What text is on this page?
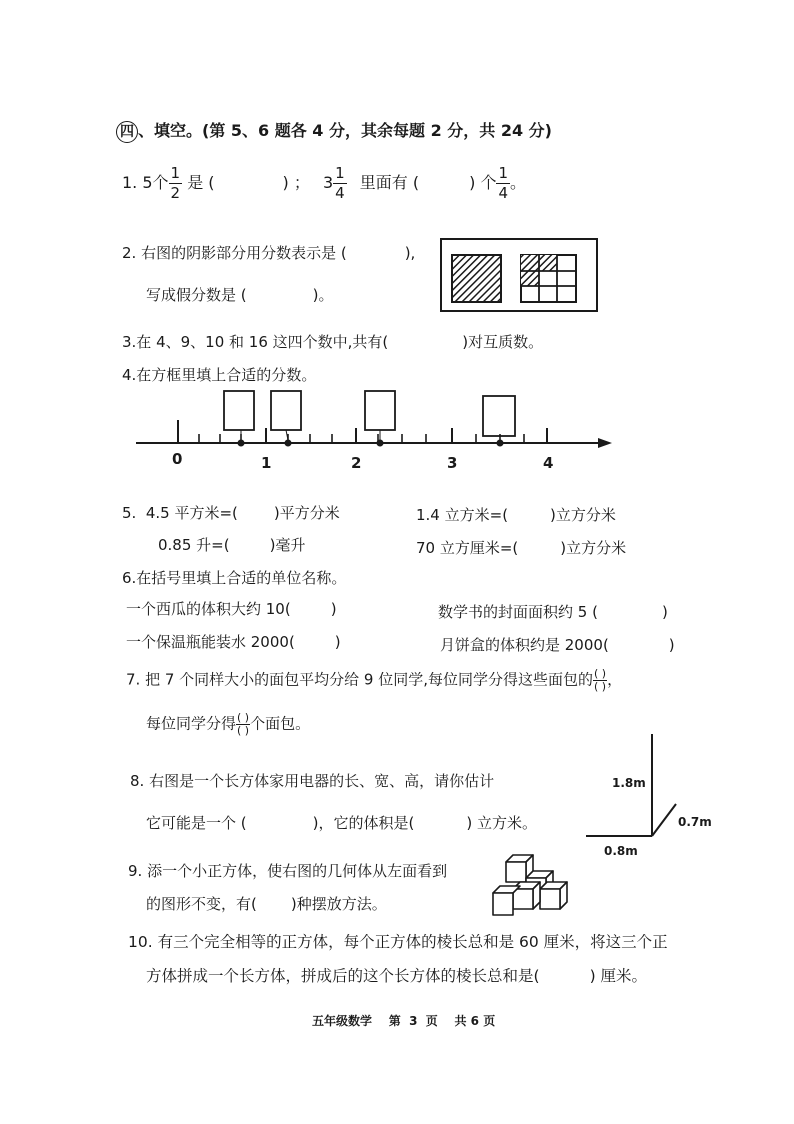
四 、填空。(第 5、6 题各 4 分，其余每题 2 分，共 24 分)
1. 5个 $\frac{1}{2}$ 是 (	) ； $3 \frac{1}{4}$ 里面有 (	) 个 $\frac{1}{4}$ 。
2. 右图的阴影部分用分数表示是 (	),
写成假分数是 (	)。
3.在 4、9、10 和 16 这四个数中,共有(	)对互质数。
4.在方框里填上合适的分数。
0	1	2	3	4
5. 4.5 平方米=( )平方分米	1.4 立方米=(	)立方分米
0.85 升=(	)毫升	70 立方厘米=(	)立方分米
6.在括号里填上合适的单位名称。
一个西瓜的体积大约 10(	)	数学书的封面面积约 5 (	)
一个保温瓶能装水 2000(	)	月饼盒的体积约是 2000(	)
7. 把 7 个同样大小的面包平均分给 9 位同学,每位同学分得这些面包的 $\frac{( )}{( )}$ ，
每位同学分得 $\frac{( )}{( )}$ 个面包。
8. 右图是一个长方体家用电器的长、宽、高，请你估计
它可能是一个 (	)，它的体积是(	) 立方米。
1.8m
0.7m
0.8m
9. 添一个小正方体，使右图的几何体从左面看到
的图形不变，有( )种摆放方法。
10. 有三个完全相等的正方体，每个正方体的棱长总和是 60 厘米，将这三个正
方体拼成一个长方体，拼成后的这个长方体的棱长总和是(	) 厘米。
五年级数学    第  3  页    共 6 页
